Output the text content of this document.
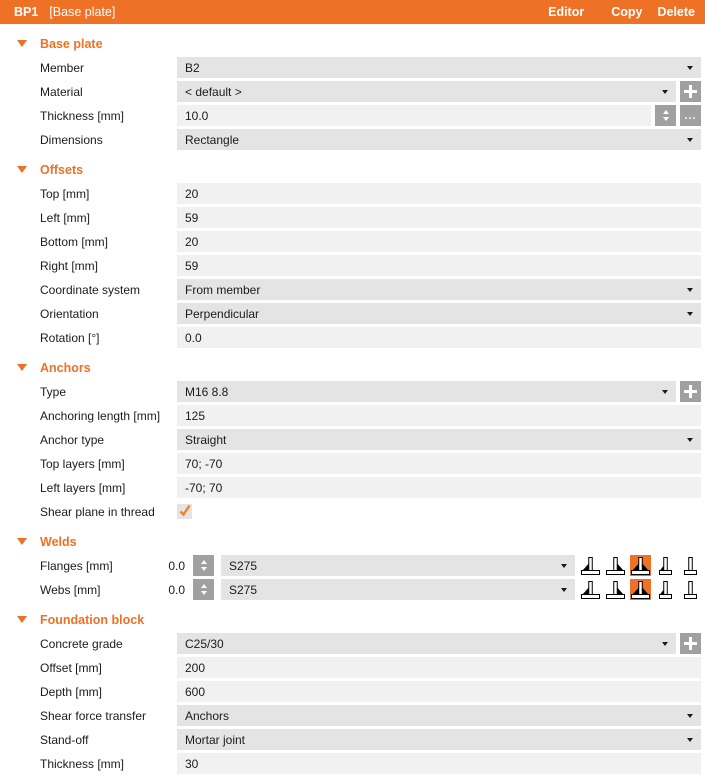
BP1 [Base plate]	Editor Copy Delete
Base plate
Member	B2
Material	< default >
Thickness [mm]	10.0	...
Dimensions	Rectangle
Offsets
Top [mm]	20
Left [mm]	59
Bottom [mm]	20
Right [mm]	59
Coordinate system	From member
Orientation	Perpendicular
Rotation [°]	0.0
Anchors
Type	M16 8.8
Anchoring length [mm]	125
Anchor type	Straight
Top layers [mm]	70; -70
Left layers [mm]	-70; 70
Shear plane in thread
Welds
Flanges [mm]	0.0	S275
Webs [mm]	0.0	S275
Foundation block
Concrete grade	C25/30
Offset [mm]	200
Depth [mm]	600
Shear force transfer	Anchors
Stand-off	Mortar joint
Thickness [mm]	30
